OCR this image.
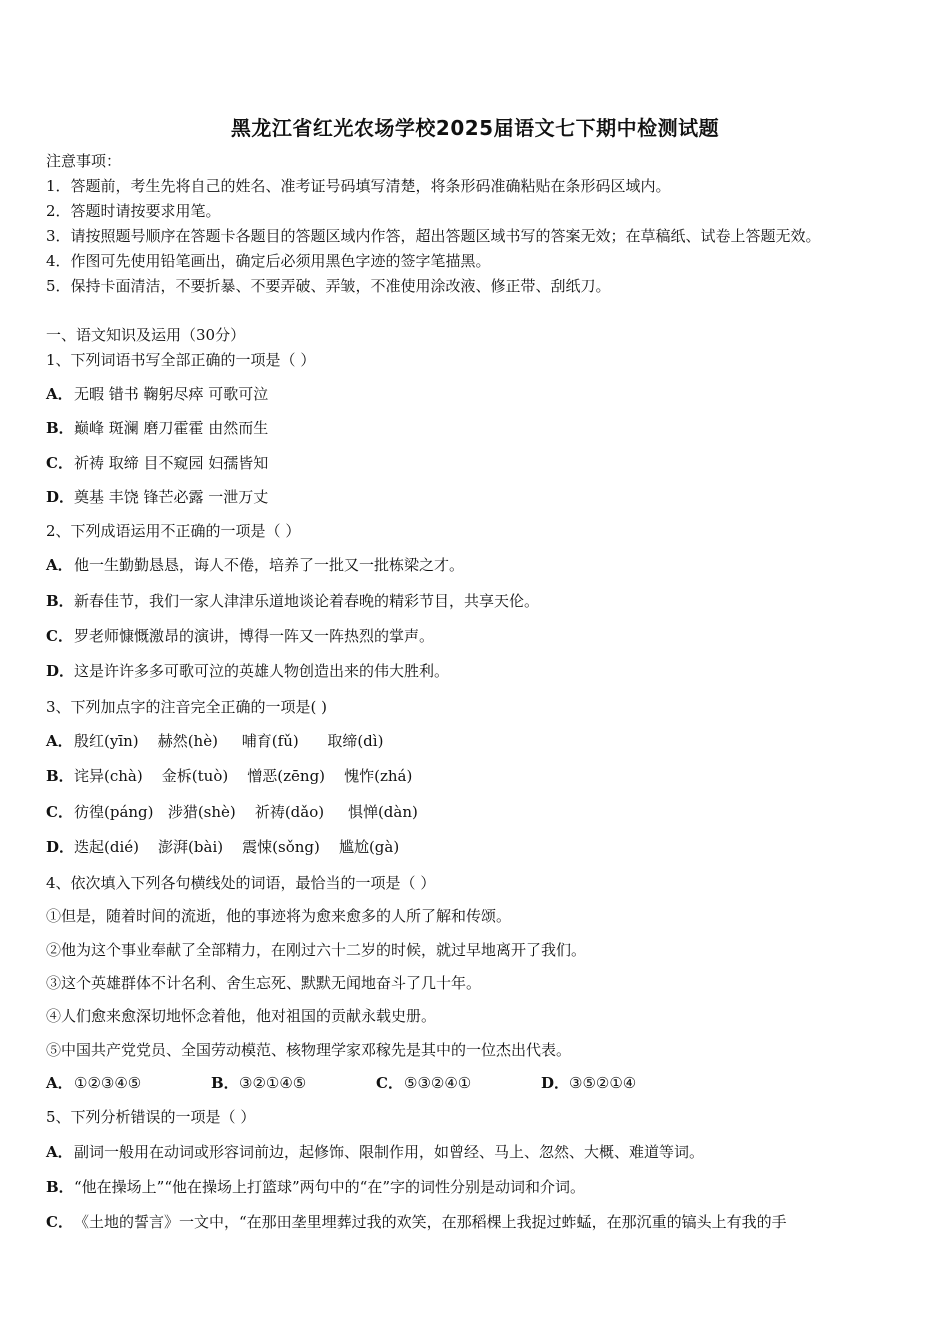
黑龙江省红光农场学校2025届语文七下期中检测试题
注意事项：
1．答题前，考生先将自己的姓名、准考证号码填写清楚，将条形码准确粘贴在条形码区域内。
2．答题时请按要求用笔。
3．请按照题号顺序在答题卡各题目的答题区域内作答，超出答题区域书写的答案无效；在草稿纸、试卷上答题无效。
4．作图可先使用铅笔画出，确定后必须用黑色字迹的签字笔描黑。
5．保持卡面清洁，不要折暴、不要弄破、弄皱，不准使用涂改液、修正带、刮纸刀。
一、语文知识及运用（30分）
1、下列词语书写全部正确的一项是（ ）
A．无暇 错书 鞠躬尽瘁 可歌可泣
B．巅峰 斑澜 磨刀霍霍 由然而生
C．祈祷 取缔 目不窥园 妇孺皆知
D．奠基 丰饶 锋芒必露 一泄万丈
2、下列成语运用不正确的一项是（ ）
A．他一生勤勤恳恳，诲人不倦，培养了一批又一批栋梁之才。
B．新春佳节，我们一家人津津乐道地谈论着春晚的精彩节目，共享天伦。
C．罗老师慷慨激昂的演讲，博得一阵又一阵热烈的掌声。
D．这是许许多多可歌可泣的英雄人物创造出来的伟大胜利。
3、下列加点字的注音完全正确的一项是( )
A．殷红(yīn)    赫然(hè)     哺育(fǔ)      取缔(dì)
B．诧异(chà)    金柝(tuò)    憎恶(zēng)    愧怍(zhá)
C．彷徨(páng)   涉猎(shè)    祈祷(dǎo)     惧惮(dàn)
D．迭起(dié)    澎湃(bài)    震悚(sǒng)    尴尬(gà)
4、依次填入下列各句横线处的词语，最恰当的一项是（ ）
①但是，随着时间的流逝，他的事迹将为愈来愈多的人所了解和传颂。
②他为这个事业奉献了全部精力，在刚过六十二岁的时候，就过早地离开了我们。
③这个英雄群体不计名利、舍生忘死、默默无闻地奋斗了几十年。
④人们愈来愈深切地怀念着他，他对祖国的贡献永载史册。
⑤中国共产党党员、全国劳动模范、核物理学家邓稼先是其中的一位杰出代表。
A．①②③④⑤	B．③②①④⑤	C．⑤③②④①	D．③⑤②①④
5、下列分析错误的一项是（ ）
A．副词一般用在动词或形容词前边，起修饰、限制作用，如曾经、马上、忽然、大概、难道等词。
B．“他在操场上”“他在操场上打篮球”两句中的“在”字的词性分别是动词和介词。
C．《土地的誓言》一文中，“在那田垄里埋葬过我的欢笑，在那稻棵上我捉过蚱蜢，在那沉重的镐头上有我的手
